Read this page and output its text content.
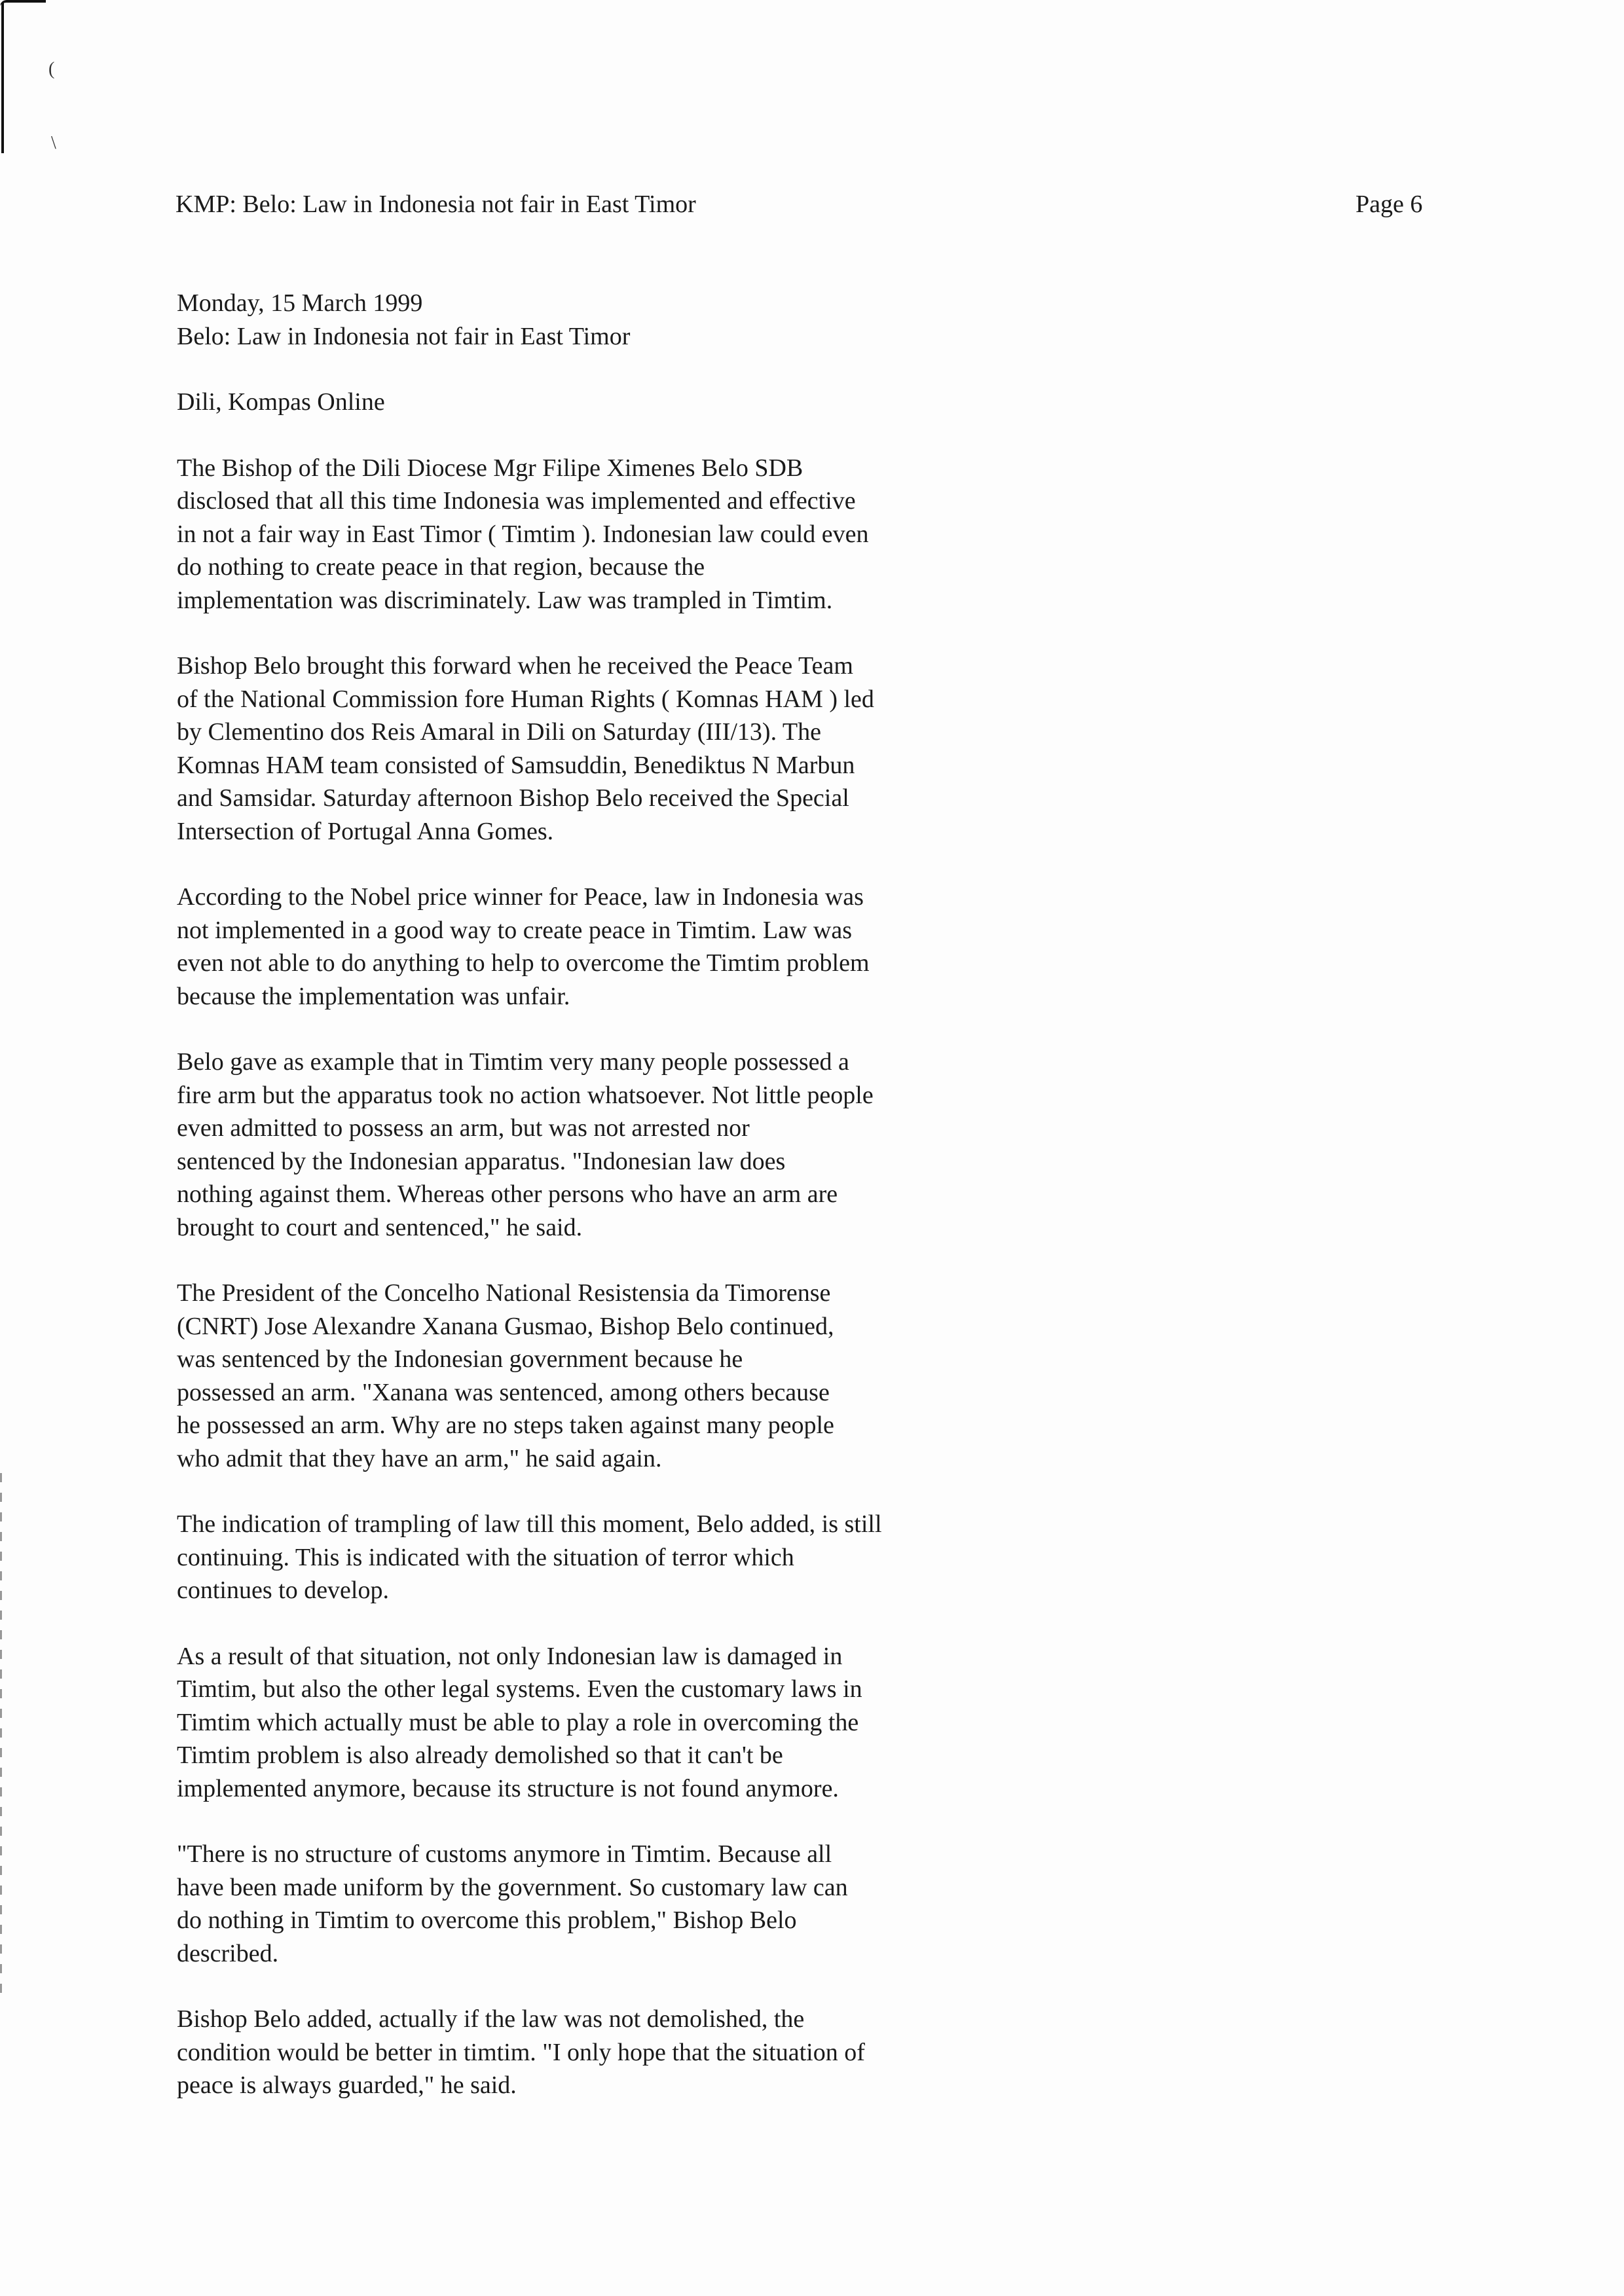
(
\
KMP: Belo: Law in Indonesia not fair in East Timor	Page 6
Monday, 15 March 1999
Belo: Law in Indonesia not fair in East Timor

Dili, Kompas Online

The Bishop of the Dili Diocese Mgr Filipe Ximenes Belo SDB
disclosed that all this time Indonesia was implemented and effective
in not a fair way in East Timor ( Timtim ). Indonesian law could even
do nothing to create peace in that region, because the
implementation was discriminately. Law was trampled in Timtim.

Bishop Belo brought this forward when he received the Peace Team
of the National Commission fore Human Rights ( Komnas HAM ) led
by Clementino dos Reis Amaral in Dili on Saturday (III/13). The
Komnas HAM team consisted of Samsuddin, Benediktus N Marbun
and Samsidar. Saturday afternoon Bishop Belo received the Special
Intersection of Portugal Anna Gomes.

According to the Nobel price winner for Peace, law in Indonesia was
not implemented in a good way to create peace in Timtim. Law was
even not able to do anything to help to overcome the Timtim problem
because the implementation was unfair.

Belo gave as example that in Timtim very many people possessed a
fire arm but the apparatus took no action whatsoever. Not little people
even admitted to possess an arm, but was not arrested nor
sentenced by the Indonesian apparatus. "Indonesian law does
nothing against them. Whereas other persons who have an arm are
brought to court and sentenced," he said.

The President of the Concelho National Resistensia da Timorense
(CNRT) Jose Alexandre Xanana Gusmao, Bishop Belo continued,
was sentenced by the Indonesian government because he
possessed an arm. "Xanana was sentenced, among others because
he possessed an arm. Why are no steps taken against many people
who admit that they have an arm," he said again.

The indication of trampling of law till this moment, Belo added, is still
continuing. This is indicated with the situation of terror which
continues to develop.

As a result of that situation, not only Indonesian law is damaged in
Timtim, but also the other legal systems. Even the customary laws in
Timtim which actually must be able to play a role in overcoming the
Timtim problem is also already demolished so that it can't be
implemented anymore, because its structure is not found anymore.

"There is no structure of customs anymore in Timtim. Because all
have been made uniform by the government. So customary law can
do nothing in Timtim to overcome this problem," Bishop Belo
described.

Bishop Belo added, actually if the law was not demolished, the
condition would be better in timtim. "I only hope that the situation of
peace is always guarded," he said.
